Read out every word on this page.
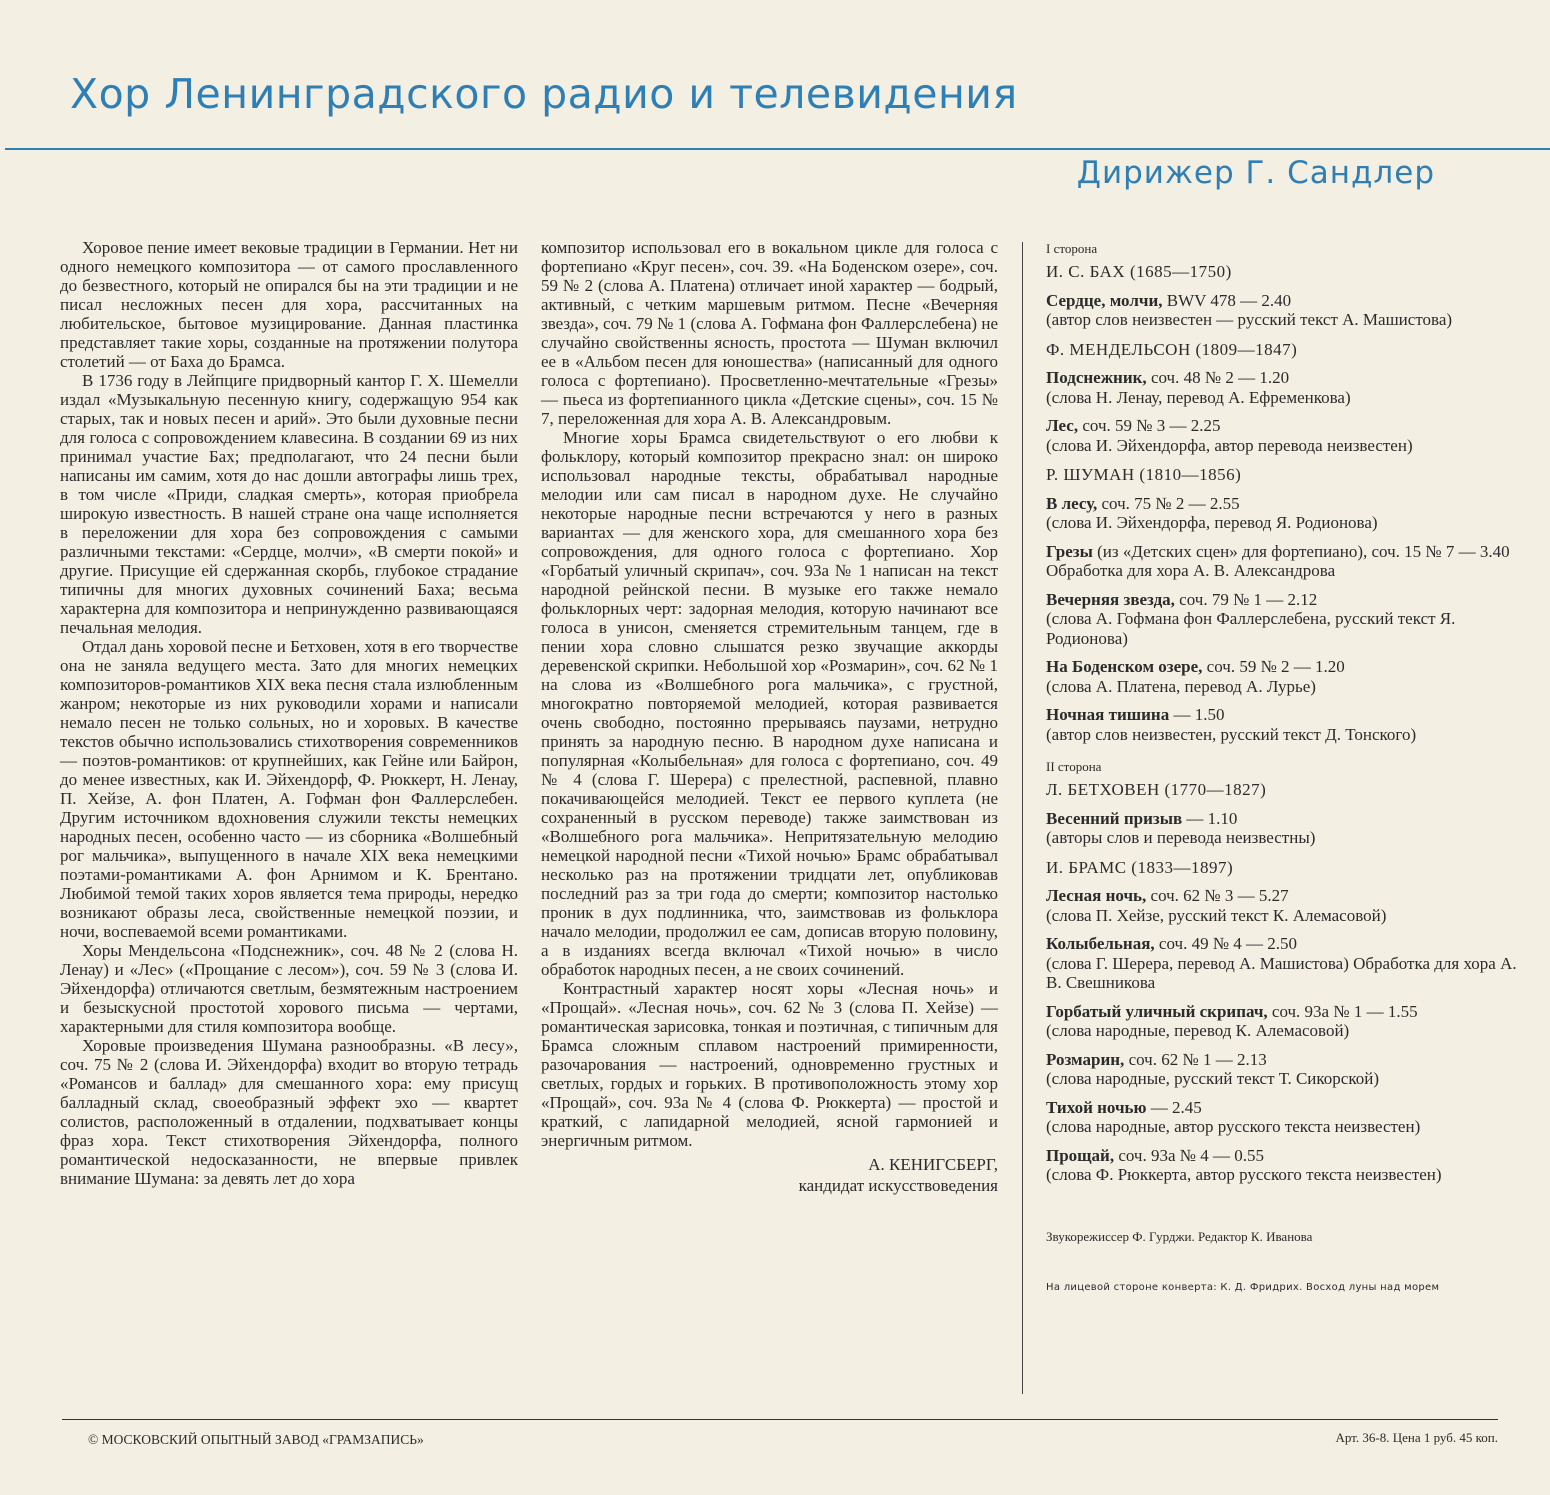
Хор Ленинградского радио и телевидения
Дирижер Г. Сандлер

Хоровое пение имеет вековые традиции в Германии. Нет ни одного немецкого композитора — от самого прославленного до безвестного, который не опирался бы на эти традиции и не писал несложных песен для хора, рассчитанных на любительское, бытовое музицирование. Данная пластинка представляет такие хоры, созданные на протяжении полутора столетий — от Баха до Брамса.

В 1736 году в Лейпциге придворный кантор Г. Х. Шемелли издал «Музыкальную песенную книгу, содержащую 954 как старых, так и новых песен и арий». Это были духовные песни для голоса с сопровождением клавесина. В создании 69 из них принимал участие Бах; предполагают, что 24 песни были написаны им самим, хотя до нас дошли автографы лишь трех, в том числе «Приди, сладкая смерть», которая приобрела широкую известность. В нашей стране она чаще исполняется в переложении для хора без сопровождения с самыми различными текстами: «Сердце, молчи», «В смерти покой» и другие. Присущие ей сдержанная скорбь, глубокое страдание типичны для многих духовных сочинений Баха; весьма характерна для композитора и непринужденно развивающаяся печальная мелодия.

Отдал дань хоровой песне и Бетховен, хотя в его творчестве она не заняла ведущего места. Зато для многих немецких композиторов-романтиков XIX века песня стала излюбленным жанром; некоторые из них руководили хорами и написали немало песен не только сольных, но и хоровых. В качестве текстов обычно использовались стихотворения современников — поэтов-романтиков: от крупнейших, как Гейне или Байрон, до менее известных, как И. Эйхендорф, Ф. Рюккерт, Н. Ленау, П. Хейзе, А. фон Платен, А. Гофман фон Фаллерслебен. Другим источником вдохновения служили тексты немецких народных песен, особенно часто — из сборника «Волшебный рог мальчика», выпущенного в начале XIX века немецкими поэтами-романтиками А. фон Арнимом и К. Брентано. Любимой темой таких хоров является тема природы, нередко возникают образы леса, свойственные немецкой поэзии, и ночи, воспеваемой всеми романтиками.

Хоры Мендельсона «Подснежник», соч. 48 № 2 (слова Н. Ленау) и «Лес» («Прощание с лесом»), соч. 59 № 3 (слова И. Эйхендорфа) отличаются светлым, безмятежным настроением и безыскусной простотой хорового письма — чертами, характерными для стиля композитора вообще.

Хоровые произведения Шумана разнообразны. «В лесу», соч. 75 № 2 (слова И. Эйхендорфа) входит во вторую тетрадь «Романсов и баллад» для смешанного хора: ему присущ балладный склад, своеобразный эффект эхо — квартет солистов, расположенный в отдалении, подхватывает концы фраз хора. Текст стихотворения Эйхендорфа, полного романтической недосказанности, не впервые привлек внимание Шумана: за девять лет до хора

композитор использовал его в вокальном цикле для голоса с фортепиано «Круг песен», соч. 39. «На Боденском озере», соч. 59 № 2 (слова А. Платена) отличает иной характер — бодрый, активный, с четким маршевым ритмом. Песне «Вечерняя звезда», соч. 79 № 1 (слова А. Гофмана фон Фаллерслебена) не случайно свойственны ясность, простота — Шуман включил ее в «Альбом песен для юношества» (написанный для одного голоса с фортепиано). Просветленно-мечтательные «Грезы» — пьеса из фортепианного цикла «Детские сцены», соч. 15 № 7, переложенная для хора А. В. Александровым.

Многие хоры Брамса свидетельствуют о его любви к фольклору, который композитор прекрасно знал: он широко использовал народные тексты, обрабатывал народные мелодии или сам писал в народном духе. Не случайно некоторые народные песни встречаются у него в разных вариантах — для женского хора, для смешанного хора без сопровождения, для одного голоса с фортепиано. Хор «Горбатый уличный скрипач», соч. 93а № 1 написан на текст народной рейнской песни. В музыке его также немало фольклорных черт: задорная мелодия, которую начинают все голоса в унисон, сменяется стремительным танцем, где в пении хора словно слышатся резко звучащие аккорды деревенской скрипки. Небольшой хор «Розмарин», соч. 62 № 1 на слова из «Волшебного рога мальчика», с грустной, многократно повторяемой мелодией, которая развивается очень свободно, постоянно прерываясь паузами, нетрудно принять за народную песню. В народном духе написана и популярная «Колыбельная» для голоса с фортепиано, соч. 49 № 4 (слова Г. Шерера) с прелестной, распевной, плавно покачивающейся мелодией. Текст ее первого куплета (не сохраненный в русском переводе) также заимствован из «Волшебного рога мальчика». Непритязательную мелодию немецкой народной песни «Тихой ночью» Брамс обрабатывал несколько раз на протяжении тридцати лет, опубликовав последний раз за три года до смерти; композитор настолько проник в дух подлинника, что, заимствовав из фольклора начало мелодии, продолжил ее сам, дописав вторую половину, а в изданиях всегда включал «Тихой ночью» в число обработок народных песен, а не своих сочинений.

Контрастный характер носят хоры «Лесная ночь» и «Прощай». «Лесная ночь», соч. 62 № 3 (слова П. Хейзе) — романтическая зарисовка, тонкая и поэтичная, с типичным для Брамса сложным сплавом настроений примиренности, разочарования — настроений, одновременно грустных и светлых, гордых и горьких. В противоположность этому хор «Прощай», соч. 93а № 4 (слова Ф. Рюккерта) — простой и краткий, с лапидарной мелодией, ясной гармонией и энергичным ритмом.

А. КЕНИГСБЕРГ,
кандидат искусствоведения
I сторона
И. С. БАХ (1685—1750)
Сердце, молчи, BWV 478 — 2.40
(автор слов неизвестен — русский текст А. Машистова)
Ф. МЕНДЕЛЬСОН (1809—1847)
Подснежник, соч. 48 № 2 — 1.20
(слова Н. Ленау, перевод А. Ефременкова)
Лес, соч. 59 № 3 — 2.25
(слова И. Эйхендорфа, автор перевода неизвестен)
Р. ШУМАН (1810—1856)
В лесу, соч. 75 № 2 — 2.55
(слова И. Эйхендорфа, перевод Я. Родионова)
Грезы (из «Детских сцен» для фортепиано), соч. 15 № 7 — 3.40
Обработка для хора А. В. Александрова
Вечерняя звезда, соч. 79 № 1 — 2.12
(слова А. Гофмана фон Фаллерслебена, русский текст Я. Родионова)
На Боденском озере, соч. 59 № 2 — 1.20
(слова А. Платена, перевод А. Лурье)
Ночная тишина — 1.50
(автор слов неизвестен, русский текст Д. Тонского)
II сторона
Л. БЕТХОВЕН (1770—1827)
Весенний призыв — 1.10
(авторы слов и перевода неизвестны)
И. БРАМС (1833—1897)
Лесная ночь, соч. 62 № 3 — 5.27
(слова П. Хейзе, русский текст К. Алемасовой)
Колыбельная, соч. 49 № 4 — 2.50
(слова Г. Шерера, перевод А. Машистова) Обработка для хора А. В. Свешникова
Горбатый уличный скрипач, соч. 93а № 1 — 1.55
(слова народные, перевод К. Алемасовой)
Розмарин, соч. 62 № 1 — 2.13
(слова народные, русский текст Т. Сикорской)
Тихой ночью — 2.45
(слова народные, автор русского текста неизвестен)
Прощай, соч. 93а № 4 — 0.55
(слова Ф. Рюккерта, автор русского текста неизвестен)
Звукорежиссер Ф. Гурджи. Редактор К. Иванова
На лицевой стороне конверта: К. Д. Фридрих. Восход луны над морем
© МОСКОВСКИЙ ОПЫТНЫЙ ЗАВОД «ГРАМЗАПИСЬ»	Арт. 36-8. Цена 1 руб. 45 коп.
